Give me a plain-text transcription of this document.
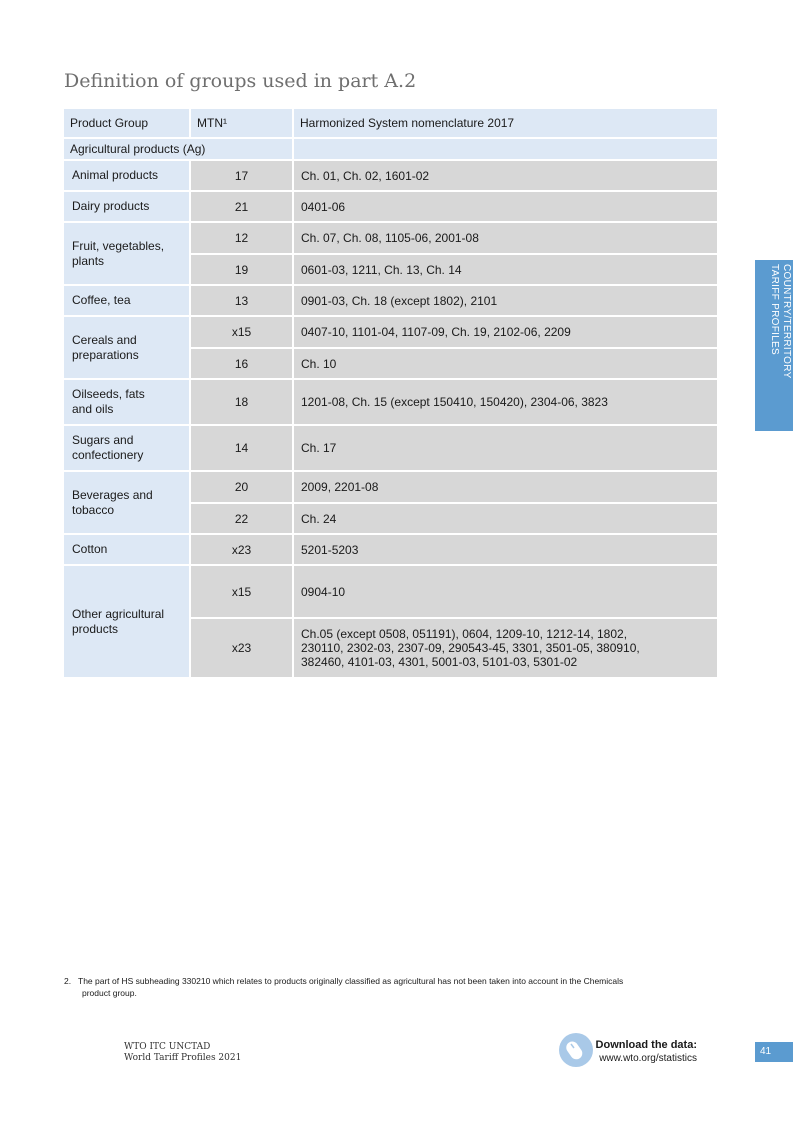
Definition of groups used in part A.2
Product Group	MTN¹	Harmonized System nomenclature 2017
Agricultural products (Ag)		
Animal products	17	Ch. 01, Ch. 02, 1601-02
Dairy products	21	0401-06
Fruit, vegetables,
plants	12	Ch. 07, Ch. 08, 1105-06, 2001-08
	19	0601-03, 1211, Ch. 13, Ch. 14
Coffee, tea	13	0901-03, Ch. 18 (except 1802), 2101
Cereals and
preparations	x15	0407-10, 1101-04, 1107-09, Ch. 19, 2102-06, 2209
	16	Ch. 10
Oilseeds, fats
and oils	18	1201-08, Ch. 15 (except 150410, 150420), 2304-06, 3823
Sugars and
confectionery	14	Ch. 17
Beverages and
tobacco	20	2009, 2201-08
	22	Ch. 24
Cotton	x23	5201-5203
Other agricultural
products	x15	0904-10
	x23	Ch.05 (except 0508, 051191), 0604, 1209-10, 1212-14, 1802,
230110, 2302-03, 2307-09, 290543-45, 3301, 3501-05, 380910,
382460, 4101-03, 4301, 5001-03, 5101-03, 5301-02
II
COUNTRY/TERRITORY
TARIFF PROFILES
2. The part of HS subheading 330210 which relates to products originally classified as agricultural has not been taken into account in the Chemicals
product group.
WTO ITC UNCTAD
World Tariff Profiles 2021
Download the data:
www.wto.org/statistics
41
